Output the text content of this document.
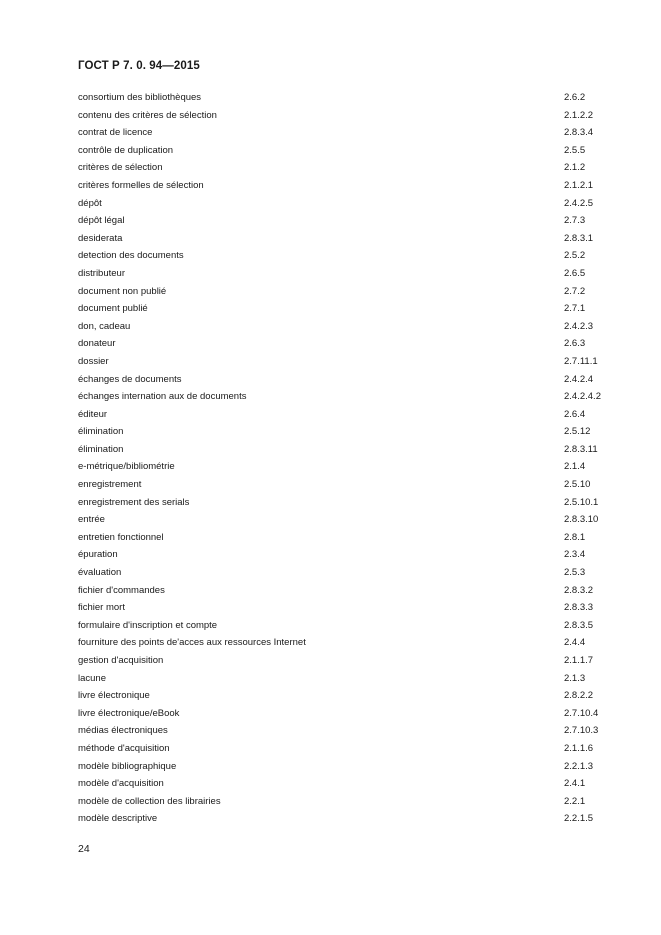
ГОСТ Р 7. 0. 94—2015
consortium des bibliothèques	2.6.2
contenu des critères de sélection	2.1.2.2
contrat de licence	2.8.3.4
contrôle de duplication	2.5.5
critères de sélection	2.1.2
critères formelles de sélection	2.1.2.1
dépôt	2.4.2.5
dépôt légal	2.7.3
desiderata	2.8.3.1
detection des documents	2.5.2
distributeur	2.6.5
document non publié	2.7.2
document publié	2.7.1
don, cadeau	2.4.2.3
donateur	2.6.3
dossier	2.7.11.1
échanges de documents	2.4.2.4
échanges internation aux de documents	2.4.2.4.2
éditeur	2.6.4
élimination	2.5.12
élimination	2.8.3.11
e-métrique/bibliométrie	2.1.4
enregistrement	2.5.10
enregistrement des serials	2.5.10.1
entrée	2.8.3.10
entretien fonctionnel	2.8.1
épuration	2.3.4
évaluation	2.5.3
fichier d'commandes	2.8.3.2
fichier mort	2.8.3.3
formulaire d'inscription et compte	2.8.3.5
fourniture des points de'acces aux ressources Internet	2.4.4
gestion d'acquisition	2.1.1.7
lacune	2.1.3
livre électronique	2.8.2.2
livre électronique/eBook	2.7.10.4
médias électroniques	2.7.10.3
méthode d'acquisition	2.1.1.6
modèle bibliographique	2.2.1.3
modèle d'acquisition	2.4.1
modèle de collection des librairies	2.2.1
modèle descriptive	2.2.1.5
24
